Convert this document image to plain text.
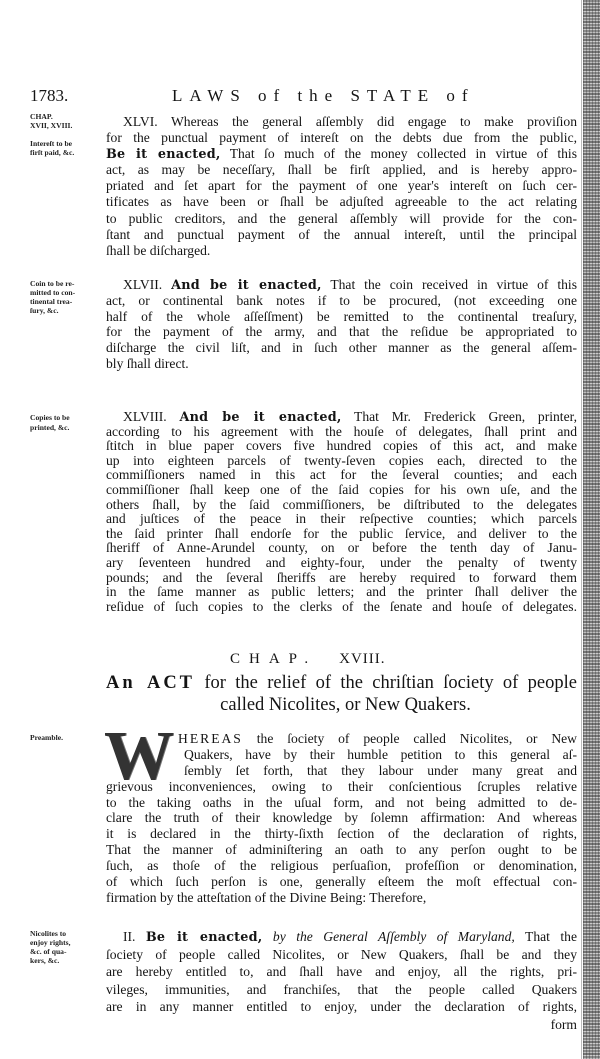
1783.	LAWS of the STATE of
CHAP. XVIII.
An ACT for the relief of the chriſtian ſociety of people
called Nicolites, or New Quakers.
W
CHAP.
XVII, XVIII.
Intereſt to be
firſt paid, &c.
XLVI. Whereas the general aſſembly did engage to make proviſion
for the punctual payment of intereſt on the debts due from the public,
Be it enacted, That ſo much of the money collected in virtue of this
act, as may be neceſſary, ſhall be firſt applied, and is hereby appro-
priated and ſet apart for the payment of one year's intereſt on ſuch cer-
tificates as have been or ſhall be adjuſted agreeable to the act relating
to public creditors, and the general aſſembly will provide for the con-
ſtant and punctual payment of the annual intereſt, until the principal
ſhall be diſcharged.
Coin to be re-
mitted to con-
tinental trea-
ſury, &c.
XLVII. And be it enacted, That the coin received in virtue of this
act, or continental bank notes if to be procured, (not exceeding one
half of the whole aſſeſſment) be remitted to the continental treaſury,
for the payment of the army, and that the reſidue be appropriated to
diſcharge the civil liſt, and in ſuch other manner as the general aſſem-
bly ſhall direct.
Copies to be
printed, &c.
XLVIII. And be it enacted, That Mr. Frederick Green, printer,
according to his agreement with the houſe of delegates, ſhall print and
ſtitch in blue paper covers five hundred copies of this act, and make
up into eighteen parcels of twenty-ſeven copies each, directed to the
commiſſioners named in this act for the ſeveral counties; and each
commiſſioner ſhall keep one of the ſaid copies for his own uſe, and the
others ſhall, by the ſaid commiſſioners, be diſtributed to the delegates
and juſtices of the peace in their reſpective counties; which parcels
the ſaid printer ſhall endorſe for the public ſervice, and deliver to the
ſheriff of Anne-Arundel county, on or before the tenth day of Janu-
ary ſeventeen hundred and eighty-four, under the penalty of twenty
pounds; and the ſeveral ſheriffs are hereby required to forward them
in the ſame manner as public letters; and the printer ſhall deliver the
reſidue of ſuch copies to the clerks of the ſenate and houſe of delegates.
Preamble.	HEREAS the ſociety of people called Nicolites, or New
Quakers, have by their humble petition to this general aſ-
ſembly ſet forth, that they labour under many great and
grievous inconveniences, owing to their conſcientious ſcruples relative
to the taking oaths in the uſual form, and not being admitted to de-
clare the truth of their knowledge by ſolemn affirmation: And whereas
it is declared in the thirty-ſixth ſection of the declaration of rights,
That the manner of adminiſtering an oath to any perſon ought to be
ſuch, as thoſe of the religious perſuaſion, profeſſion or denomination,
of which ſuch perſon is one, generally eſteem the moſt effectual con-
firmation by the atteſtation of the Divine Being: Therefore,
Nicolites to
enjoy rights,
&c. of qua-
kers, &c.
II. Be it enacted, by the General Aſſembly of Maryland, That the
ſociety of people called Nicolites, or New Quakers, ſhall be and they
are hereby entitled to, and ſhall have and enjoy, all the rights, pri-
vileges, immunities, and franchiſes, that the people called Quakers
are in any manner entitled to enjoy, under the declaration of rights,
form
